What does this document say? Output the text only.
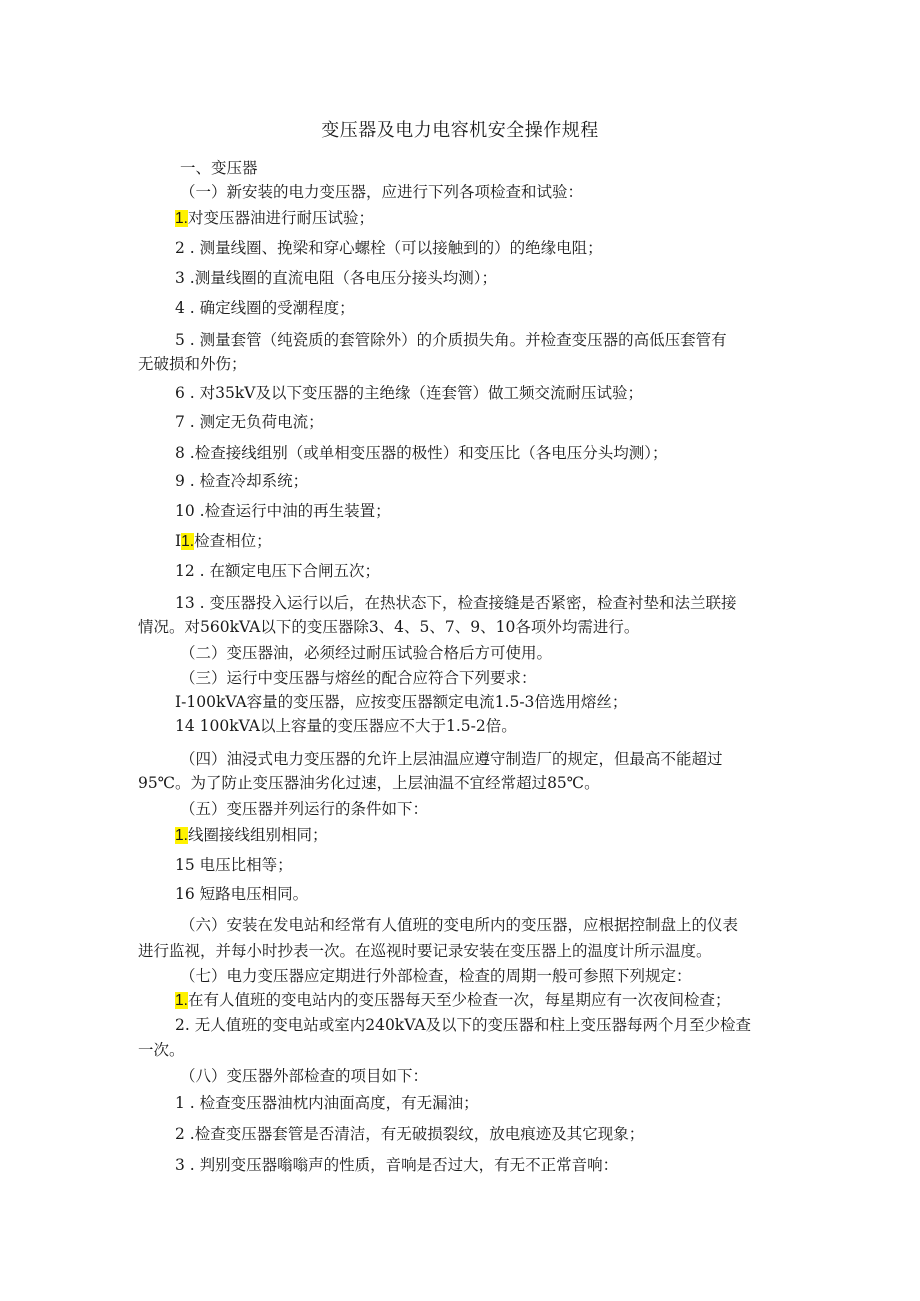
变压器及电力电容机安全操作规程
一、变压器
（一）新安装的电力变压器，应进行下列各项检查和试验：
1.对变压器油进行耐压试验；
2 . 测量线圈、挽梁和穿心螺栓（可以接触到的）的绝缘电阻；
3 .测量线圈的直流电阻（各电压分接头均测）；
4 . 确定线圈的受潮程度；
5 . 测量套管（纯瓷质的套管除外）的介质损失角。并检查变压器的高低压套管有
无破损和外伤；
6 . 对35kV及以下变压器的主绝缘（连套管）做工频交流耐压试验；
7 . 测定无负荷电流；
8 .检查接线组别（或单相变压器的极性）和变压比（各电压分头均测）；
9 . 检查冷却系统；
10 .检查运行中油的再生装置；
I1.检查相位；
12 . 在额定电压下合闸五次；
13 . 变压器投入运行以后，在热状态下，检查接缝是否紧密，检查衬垫和法兰联接
情况。对560kVA以下的变压器除3、4、5、7、9、10各项外均需进行。
（二）变压器油，必须经过耐压试验合格后方可使用。
（三）运行中变压器与熔丝的配合应符合下列要求：
I-100kVA容量的变压器，应按变压器额定电流1.5-3倍选用熔丝；
14 100kVA以上容量的变压器应不大于1.5-2倍。
（四）油浸式电力变压器的允许上层油温应遵守制造厂的规定，但最高不能超过
95℃。为了防止变压器油劣化过速，上层油温不宜经常超过85℃。
（五）变压器并列运行的条件如下：
1.线圈接线组别相同；
15 电压比相等；
16 短路电压相同。
（六）安装在发电站和经常有人值班的变电所内的变压器，应根据控制盘上的仪表
进行监视，并每小时抄表一次。在巡视时要记录安装在变压器上的温度计所示温度。
（七）电力变压器应定期进行外部检查，检查的周期一般可参照下列规定：
1.在有人值班的变电站内的变压器每天至少检查一次，每星期应有一次夜间检查；
2. 无人值班的变电站或室内240kVA及以下的变压器和柱上变压器每两个月至少检查
一次。
（八）变压器外部检查的项目如下：
1 . 检查变压器油枕内油面高度，有无漏油；
2 .检查变压器套管是否清洁，有无破损裂纹，放电痕迹及其它现象；
3 . 判别变压器嗡嗡声的性质，音响是否过大，有无不正常音响：
